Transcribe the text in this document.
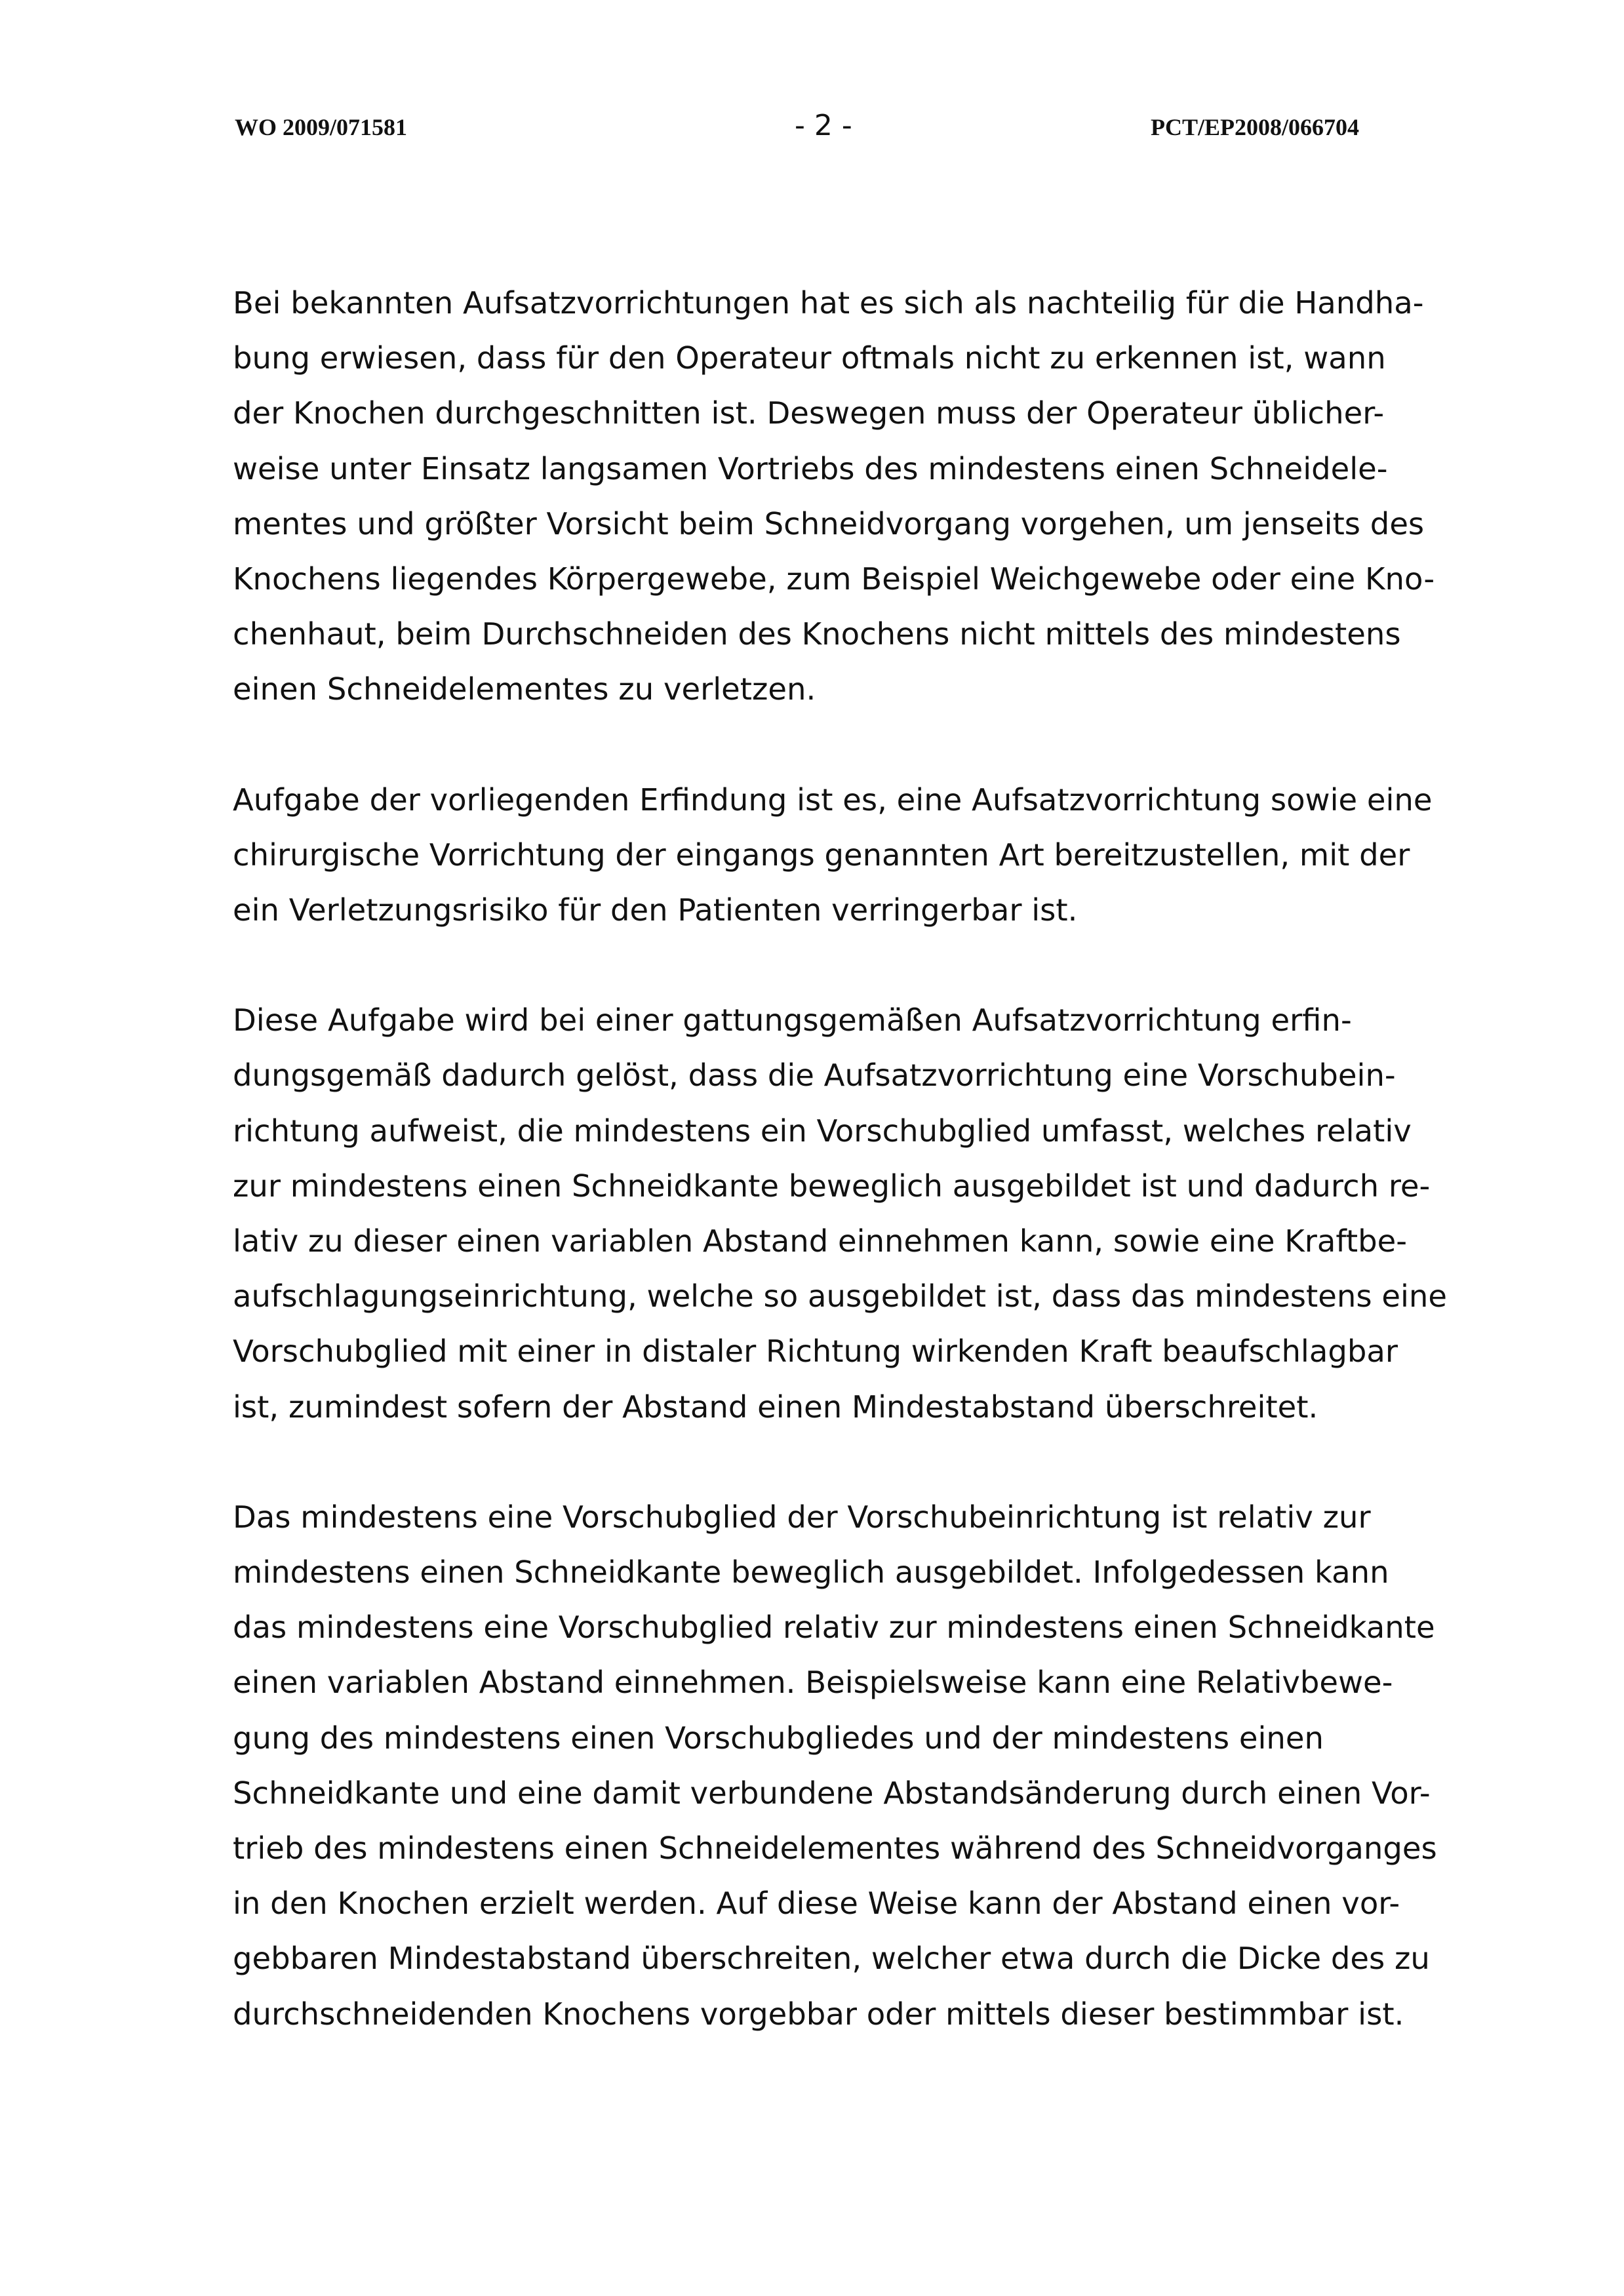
WO 2009/071581	- 2 -	PCT/EP2008/066704
Bei bekannten Aufsatzvorrichtungen hat es sich als nachteilig für die Handha-
bung erwiesen, dass für den Operateur oftmals nicht zu erkennen ist, wann
der Knochen durchgeschnitten ist. Deswegen muss der Operateur üblicher-
weise unter Einsatz langsamen Vortriebs des mindestens einen Schneidele-
mentes und größter Vorsicht beim Schneidvorgang vorgehen, um jenseits des
Knochens liegendes Körpergewebe, zum Beispiel Weichgewebe oder eine Kno-
chenhaut, beim Durchschneiden des Knochens nicht mittels des mindestens
einen Schneidelementes zu verletzen.
Aufgabe der vorliegenden Erfindung ist es, eine Aufsatzvorrichtung sowie eine
chirurgische Vorrichtung der eingangs genannten Art bereitzustellen, mit der
ein Verletzungsrisiko für den Patienten verringerbar ist.
Diese Aufgabe wird bei einer gattungsgemäßen Aufsatzvorrichtung erfin-
dungsgemäß dadurch gelöst, dass die Aufsatzvorrichtung eine Vorschubein-
richtung aufweist, die mindestens ein Vorschubglied umfasst, welches relativ
zur mindestens einen Schneidkante beweglich ausgebildet ist und dadurch re-
lativ zu dieser einen variablen Abstand einnehmen kann, sowie eine Kraftbe-
aufschlagungseinrichtung, welche so ausgebildet ist, dass das mindestens eine
Vorschubglied mit einer in distaler Richtung wirkenden Kraft beaufschlagbar
ist, zumindest sofern der Abstand einen Mindestabstand überschreitet.
Das mindestens eine Vorschubglied der Vorschubeinrichtung ist relativ zur
mindestens einen Schneidkante beweglich ausgebildet. Infolgedessen kann
das mindestens eine Vorschubglied relativ zur mindestens einen Schneidkante
einen variablen Abstand einnehmen. Beispielsweise kann eine Relativbewe-
gung des mindestens einen Vorschubgliedes und der mindestens einen
Schneidkante und eine damit verbundene Abstandsänderung durch einen Vor-
trieb des mindestens einen Schneidelementes während des Schneidvorganges
in den Knochen erzielt werden. Auf diese Weise kann der Abstand einen vor-
gebbaren Mindestabstand überschreiten, welcher etwa durch die Dicke des zu
durchschneidenden Knochens vorgebbar oder mittels dieser bestimmbar ist.
